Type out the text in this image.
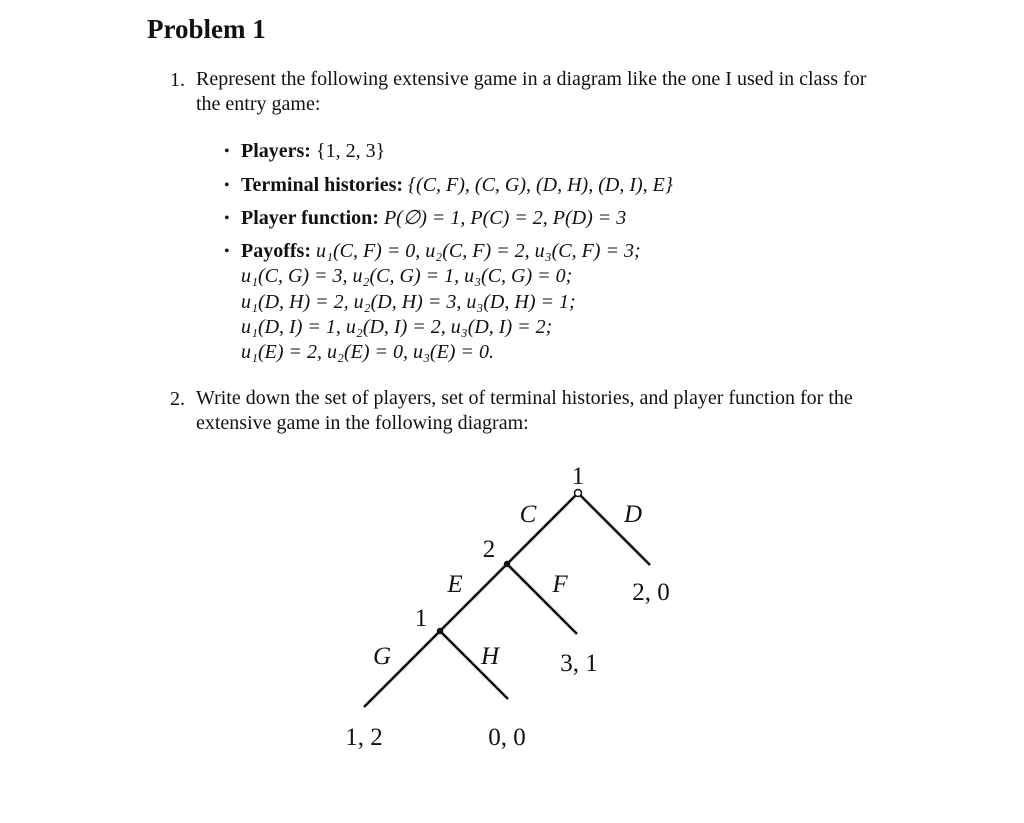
Problem 1
1. Represent the following extensive game in a diagram like the one I used in class for
the entry game:
• Players: {1, 2, 3}
• Terminal histories: {(C, F), (C, G), (D, H), (D, I), E}
• Player function: P(∅) = 1, P(C) = 2, P(D) = 3
• Payoffs: u₁(C, F) = 0, u₂(C, F) = 2, u₃(C, F) = 3;
u₁(C, G) = 3, u₂(C, G) = 1, u₃(C, G) = 0;
u₁(D, H) = 2, u₂(D, H) = 3, u₃(D, H) = 1;
u₁(D, I) = 1, u₂(D, I) = 2, u₃(D, I) = 2;
u₁(E) = 2, u₂(E) = 0, u₃(E) = 0.
2. Write down the set of players, set of terminal histories, and player function for the
extensive game in the following diagram:
1
2
1
C	D
E	F
G	H
2, 0
3, 1
1, 2	0, 0
